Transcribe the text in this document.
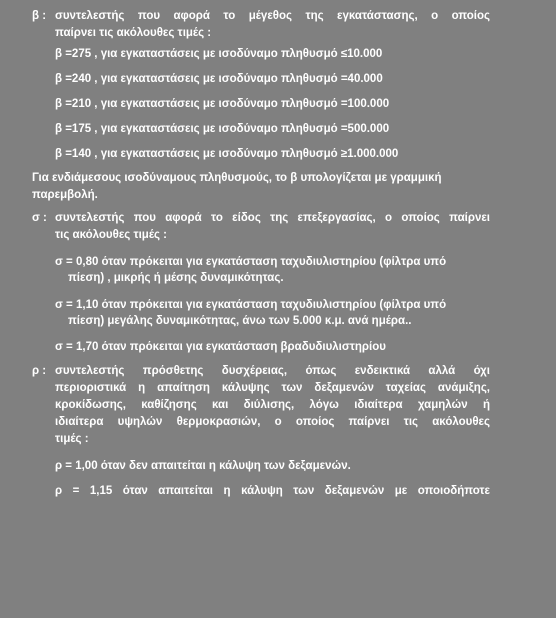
β : συντελεστής που αφορά το μέγεθος της εγκατάστασης, ο οποίος
παίρνει τις ακόλουθες τιμές :
β =275 , για εγκαταστάσεις με ισοδύναμο πληθυσμό ≤10.000
β =240 , για εγκαταστάσεις με ισοδύναμο πληθυσμό =40.000
β =210 , για εγκαταστάσεις με ισοδύναμο πληθυσμό =100.000
β =175 , για εγκαταστάσεις με ισοδύναμο πληθυσμό =500.000
β =140 , για εγκαταστάσεις με ισοδύναμο πληθυσμό ≥1.000.000
Για ενδιάμεσους ισοδύναμους πληθυσμούς, το β υπολογίζεται με γραμμική
παρεμβολή.
σ : συντελεστής που αφορά το είδος της επεξεργασίας, ο οποίος παίρνει
τις ακόλουθες τιμές :
σ = 0,80 όταν πρόκειται για εγκατάσταση ταχυδιυλιστηρίου (φίλτρα υπό
πίεση) , μικρής ή μέσης δυναμικότητας.
σ = 1,10 όταν πρόκειται για εγκατάσταση ταχυδιυλιστηρίου (φίλτρα υπό
πίεση) μεγάλης δυναμικότητας, άνω των 5.000 κ.μ. ανά ημέρα..
σ = 1,70 όταν πρόκειται για εγκατάσταση βραδυδιυλιστηρίου
ρ : συντελεστής πρόσθετης δυσχέρειας, όπως ενδεικτικά αλλά όχι
περιοριστικά η απαίτηση κάλυψης των δεξαμενών ταχείας ανάμιξης,
κροκίδωσης, καθίζησης και διύλισης, λόγω ιδιαίτερα χαμηλών ή
ιδιαίτερα υψηλών θερμοκρασιών, ο οποίος παίρνει τις ακόλουθες
τιμές :
ρ = 1,00 όταν δεν απαιτείται η κάλυψη των δεξαμενών.
ρ = 1,15 όταν απαιτείται η κάλυψη των δεξαμενών με οποιοδήποτε
